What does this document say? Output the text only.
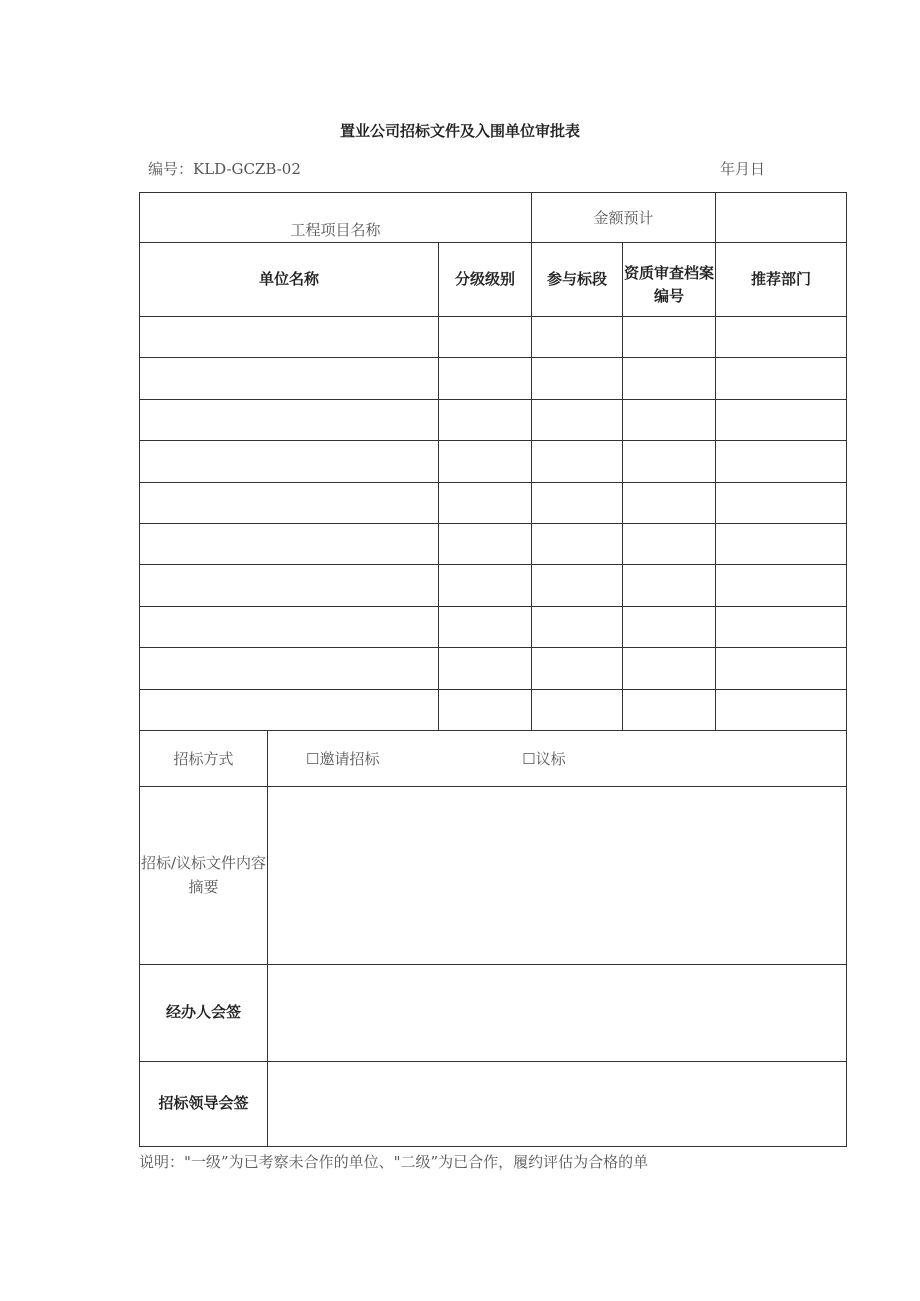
置业公司招标文件及入围单位审批表
编号：KLD-GCZB-02	年月日
工程项目名称			金额预计		
单位名称		分级级别	参与标段	资质审查档案编号	推荐部门

招标方式	☐邀请招标 ☐议标				
招标/议标文件内容摘要					
经办人会签					
招标领导会签					
说明："一级”为已考察未合作的单位、"二级”为已合作，履约评估为合格的单
